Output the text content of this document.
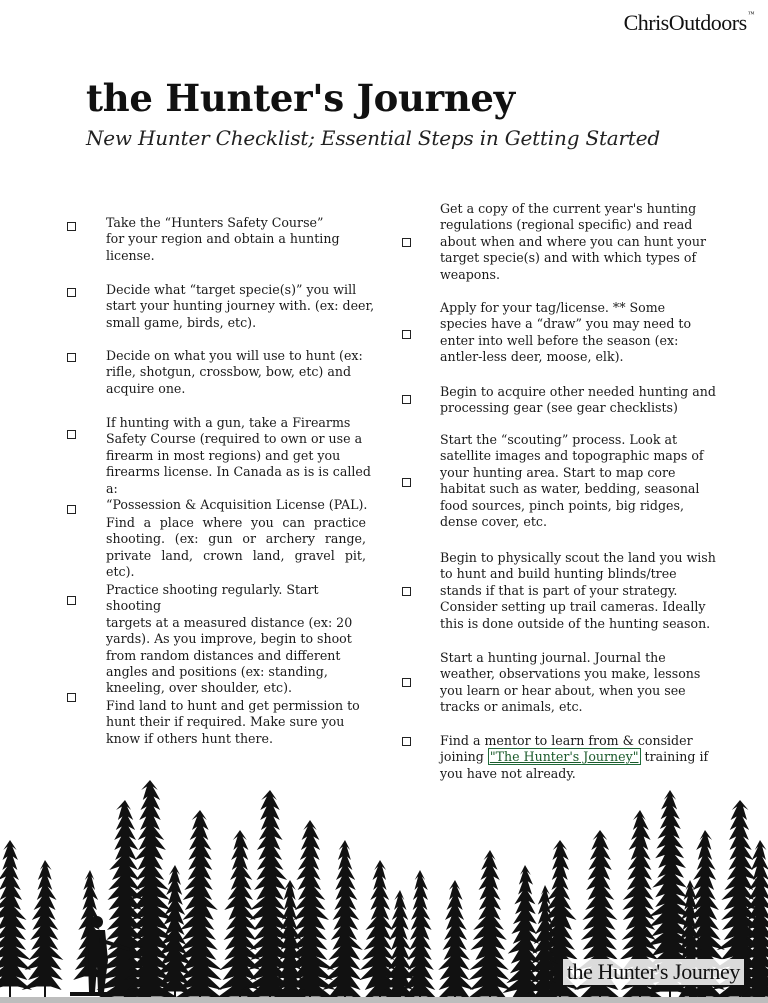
ChrisOutdoors™
the Hunter's Journey
New Hunter Checklist; Essential Steps in Getting Started
Take the “Hunters Safety Course”
for your region and obtain a hunting
license.
Decide what “target specie(s)” you will
start your hunting journey with. (ex: deer,
small game, birds, etc).
Decide on what you will use to hunt (ex:
rifle, shotgun, crossbow, bow, etc) and
acquire one.
If hunting with a gun, take a Firearms
Safety Course (required to own or use a
firearm in most regions) and get you
firearms license. In Canada as is is called a:
“Possession & Acquisition License (PAL).
Find a place where you can practice shooting. (ex: gun or archery range, private land, crown land, gravel pit, etc).
Practice shooting regularly. Start shooting
targets at a measured distance (ex: 20
yards). As you improve, begin to shoot
from random distances and different
angles and positions (ex: standing,
kneeling, over shoulder, etc).
Find land to hunt and get permission to
hunt their if required. Make sure you
know if others hunt there.
Get a copy of the current year's hunting
regulations (regional specific) and read
about when and where you can hunt your
target specie(s) and with which types of
weapons.
Apply for your tag/license. ** Some
species have a “draw” you may need to
enter into well before the season (ex:
antler-less deer, moose, elk).
Begin to acquire other needed hunting and
processing gear (see gear checklists)
Start the “scouting” process. Look at
satellite images and topographic maps of
your hunting area. Start to map core
habitat such as water, bedding, seasonal
food sources, pinch points, big ridges,
dense cover, etc.
Begin to physically scout the land you wish
to hunt and build hunting blinds/tree
stands if that is part of your strategy.
Consider setting up trail cameras. Ideally
this is done outside of the hunting season.
Start a hunting journal. Journal the
weather, observations you make, lessons
you learn or hear about, when you see
tracks or animals, etc.
Find a mentor to learn from & consider
joining "The Hunter's Journey" training if
you have not already.
the Hunter's Journey
